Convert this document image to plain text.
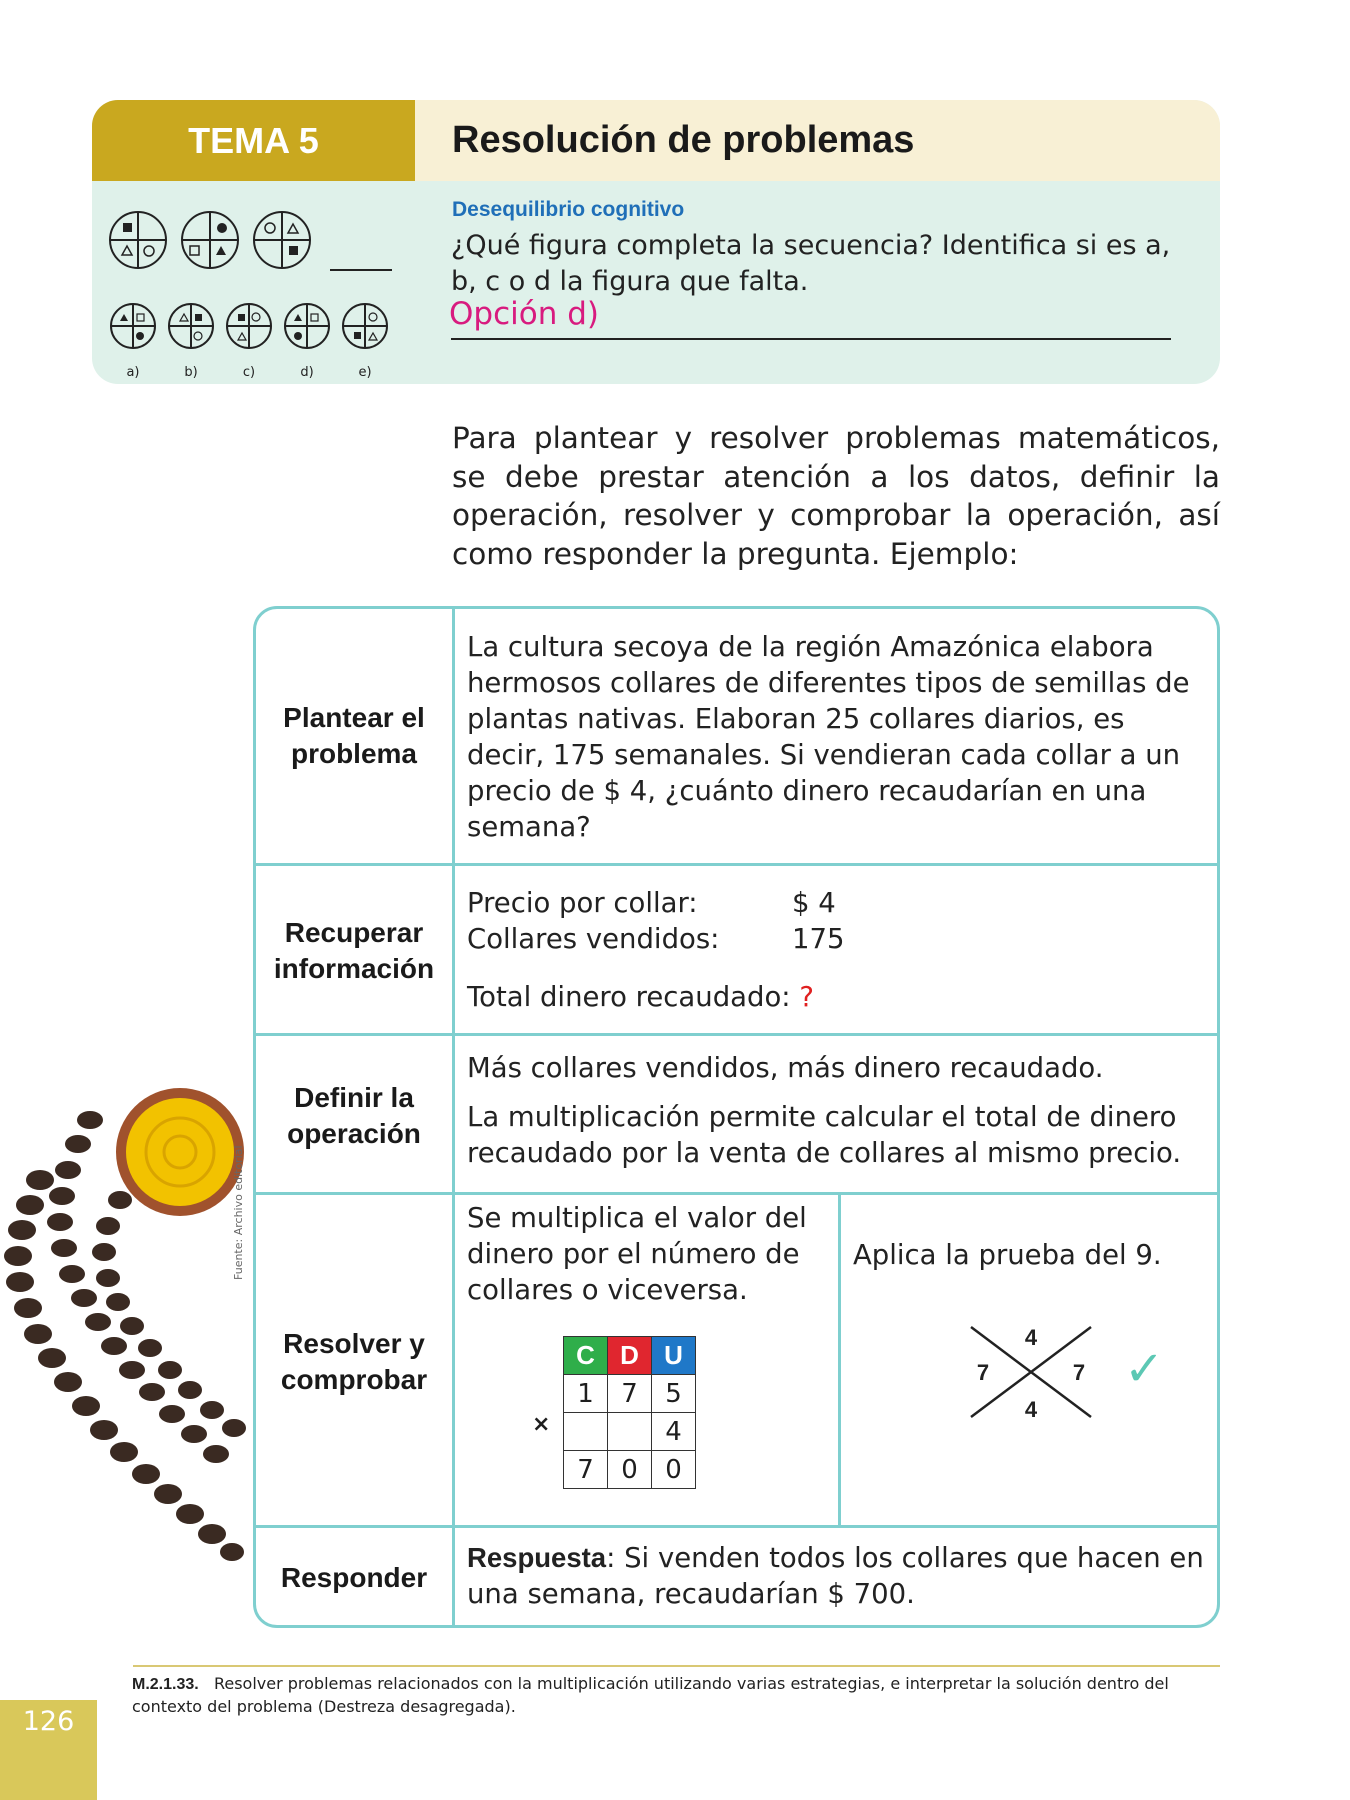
TEMA 5	Resolución de problemas
a)	b)	c)	d)	e)
Desequilibrio cognitivo
¿Qué figura completa la secuencia? Identifica si es a, b, c o d la figura que falta.
Opción d)
Para plantear y resolver problemas matemáticos, se debe prestar atención a los datos, definir la operación, resolver y comprobar la operación, así como responder la pregunta. Ejemplo:
Fuente: Archivo editorial
Plantear el
problema
La cultura secoya de la región Amazónica elabora hermosos collares de diferentes tipos de semillas de plantas nativas. Elaboran 25 collares diarios, es decir, 175 semanales. Si vendieran cada collar a un precio de $ 4, ¿cuánto dinero recaudarían en una semana?
Recuperar
información
Precio por collar:	$ 4
Collares vendidos:	175
Total dinero recaudado: ?
Definir la
operación
Más collares vendidos, más dinero recaudado.
La multiplicación permite calcular el total de dinero recaudado por la venta de collares al mismo precio.
Resolver y
comprobar
Se multiplica el valor del dinero por el número de collares o viceversa.
C	D	U
1	7	5
		4
7	0	0
×
Aplica la prueba del 9.
4
7	7
4
✓
Responder
Respuesta: Si venden todos los collares que hacen en una semana, recaudarían $ 700.
M.2.1.33. Resolver problemas relacionados con la multiplicación utilizando varias estrategias, e interpretar la solución dentro del contexto del problema (Destreza desagregada).
126
